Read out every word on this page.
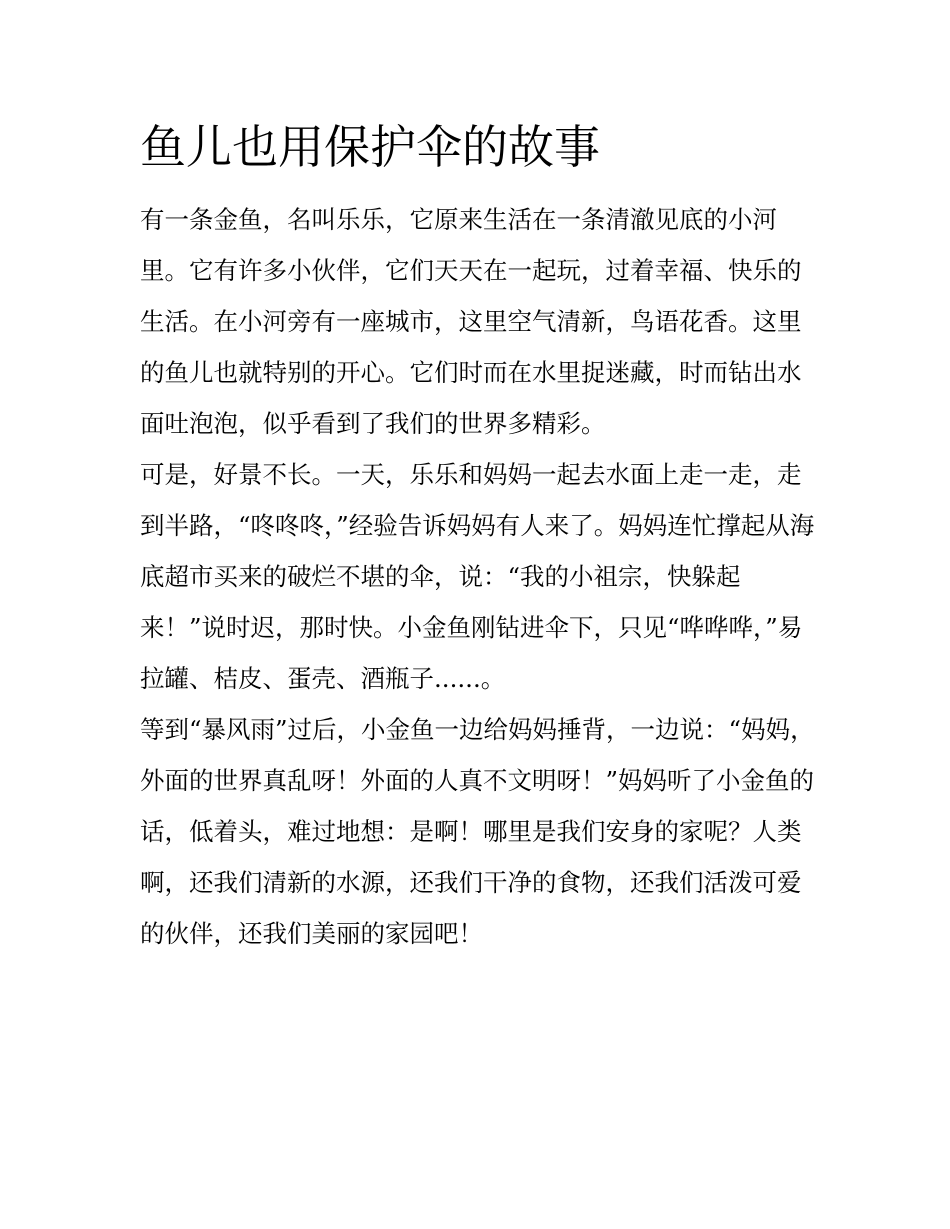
鱼儿也用保护伞的故事

有一条金鱼，名叫乐乐，它原来生活在一条清澈见底的小河里。它有许多小伙伴，它们天天在一起玩，过着幸福、快乐的生活。在小河旁有一座城市，这里空气清新，鸟语花香。这里的鱼儿也就特别的开心。它们时而在水里捉迷藏，时而钻出水面吐泡泡，似乎看到了我们的世界多精彩。

可是，好景不长。一天，乐乐和妈妈一起去水面上走一走，走到半路，“咚咚咚，”经验告诉妈妈有人来了。妈妈连忙撑起从海底超市买来的破烂不堪的伞，说：“我的小祖宗，快躲起来！”说时迟，那时快。小金鱼刚钻进伞下，只见“哗哗哗，”易拉罐、桔皮、蛋壳、酒瓶子......。

等到“暴风雨”过后，小金鱼一边给妈妈捶背，一边说：“妈妈，外面的世界真乱呀！外面的人真不文明呀！”妈妈听了小金鱼的话，低着头，难过地想：是啊！哪里是我们安身的家呢？人类啊，还我们清新的水源，还我们干净的食物，还我们活泼可爱的伙伴，还我们美丽的家园吧！
